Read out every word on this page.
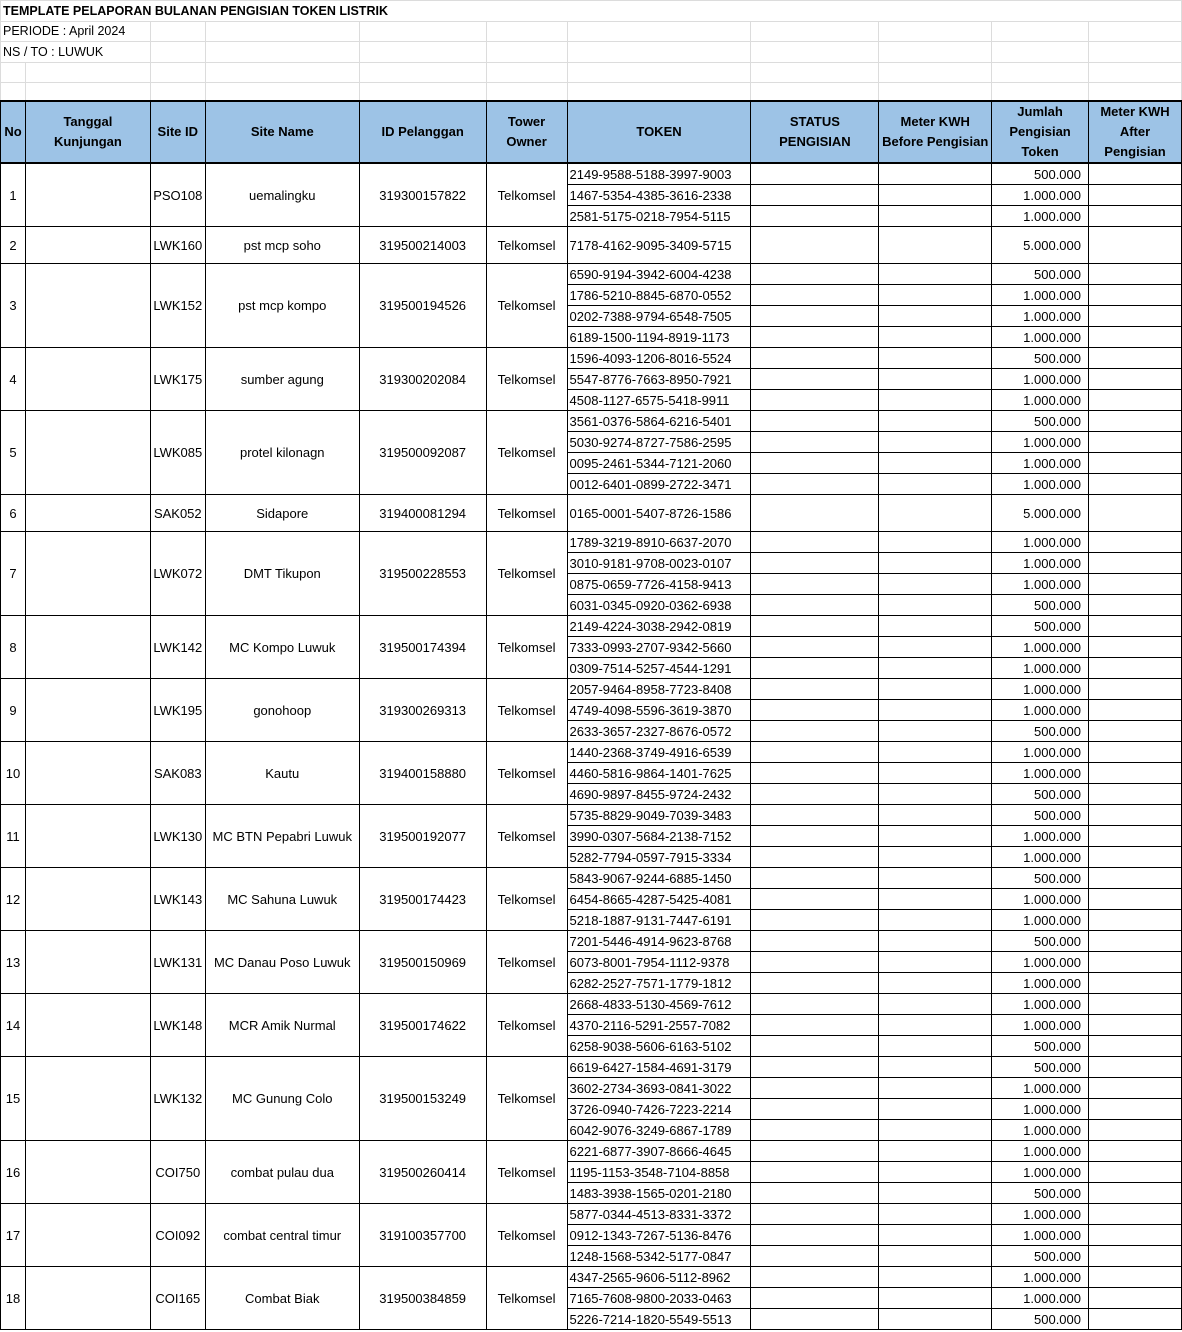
TEMPLATE PELAPORAN BULANAN PENGISIAN TOKEN LISTRIK										
PERIODE : April 2024										
NS / TO : LUWUK										

No	Tanggal Kunjungan	Site ID	Site Name	ID Pelanggan	Tower Owner	TOKEN	STATUS PENGISIAN	Meter KWH Before Pengisian	Jumlah Pengisian Token	Meter KWH After Pengisian
1		PSO108	uemalingku	319300157822	Telkomsel	2149-9588-5188-3997-9003			500.000	
						1467-5354-4385-3616-2338			1.000.000	
						2581-5175-0218-7954-5115			1.000.000	
2		LWK160	pst mcp soho	319500214003	Telkomsel	7178-4162-9095-3409-5715			5.000.000	
3		LWK152	pst mcp kompo	319500194526	Telkomsel	6590-9194-3942-6004-4238			500.000	
						1786-5210-8845-6870-0552			1.000.000	
						0202-7388-9794-6548-7505			1.000.000	
						6189-1500-1194-8919-1173			1.000.000	
4		LWK175	sumber agung	319300202084	Telkomsel	1596-4093-1206-8016-5524			500.000	
						5547-8776-7663-8950-7921			1.000.000	
						4508-1127-6575-5418-9911			1.000.000	
5		LWK085	protel kilonagn	319500092087	Telkomsel	3561-0376-5864-6216-5401			500.000	
						5030-9274-8727-7586-2595			1.000.000	
						0095-2461-5344-7121-2060			1.000.000	
						0012-6401-0899-2722-3471			1.000.000	
6		SAK052	Sidapore	319400081294	Telkomsel	0165-0001-5407-8726-1586			5.000.000	
7		LWK072	DMT Tikupon	319500228553	Telkomsel	1789-3219-8910-6637-2070			1.000.000	
						3010-9181-9708-0023-0107			1.000.000	
						0875-0659-7726-4158-9413			1.000.000	
						6031-0345-0920-0362-6938			500.000	
8		LWK142	MC Kompo Luwuk	319500174394	Telkomsel	2149-4224-3038-2942-0819			500.000	
						7333-0993-2707-9342-5660			1.000.000	
						0309-7514-5257-4544-1291			1.000.000	
9		LWK195	gonohoop	319300269313	Telkomsel	2057-9464-8958-7723-8408			1.000.000	
						4749-4098-5596-3619-3870			1.000.000	
						2633-3657-2327-8676-0572			500.000	
10		SAK083	Kautu	319400158880	Telkomsel	1440-2368-3749-4916-6539			1.000.000	
						4460-5816-9864-1401-7625			1.000.000	
						4690-9897-8455-9724-2432			500.000	
11		LWK130	MC BTN Pepabri Luwuk	319500192077	Telkomsel	5735-8829-9049-7039-3483			500.000	
						3990-0307-5684-2138-7152			1.000.000	
						5282-7794-0597-7915-3334			1.000.000	
12		LWK143	MC Sahuna Luwuk	319500174423	Telkomsel	5843-9067-9244-6885-1450			500.000	
						6454-8665-4287-5425-4081			1.000.000	
						5218-1887-9131-7447-6191			1.000.000	
13		LWK131	MC Danau Poso Luwuk	319500150969	Telkomsel	7201-5446-4914-9623-8768			500.000	
						6073-8001-7954-1112-9378			1.000.000	
						6282-2527-7571-1779-1812			1.000.000	
14		LWK148	MCR Amik Nurmal	319500174622	Telkomsel	2668-4833-5130-4569-7612			1.000.000	
						4370-2116-5291-2557-7082			1.000.000	
						6258-9038-5606-6163-5102			500.000	
15		LWK132	MC Gunung Colo	319500153249	Telkomsel	6619-6427-1584-4691-3179			500.000	
						3602-2734-3693-0841-3022			1.000.000	
						3726-0940-7426-7223-2214			1.000.000	
						6042-9076-3249-6867-1789			1.000.000	
16		COI750	combat pulau dua	319500260414	Telkomsel	6221-6877-3907-8666-4645			1.000.000	
						1195-1153-3548-7104-8858			1.000.000	
						1483-3938-1565-0201-2180			500.000	
17		COI092	combat central timur	319100357700	Telkomsel	5877-0344-4513-8331-3372			1.000.000	
						0912-1343-7267-5136-8476			1.000.000	
						1248-1568-5342-5177-0847			500.000	
18		COI165	Combat Biak	319500384859	Telkomsel	4347-2565-9606-5112-8962			1.000.000	
						7165-7608-9800-2033-0463			1.000.000	
						5226-7214-1820-5549-5513			500.000	
